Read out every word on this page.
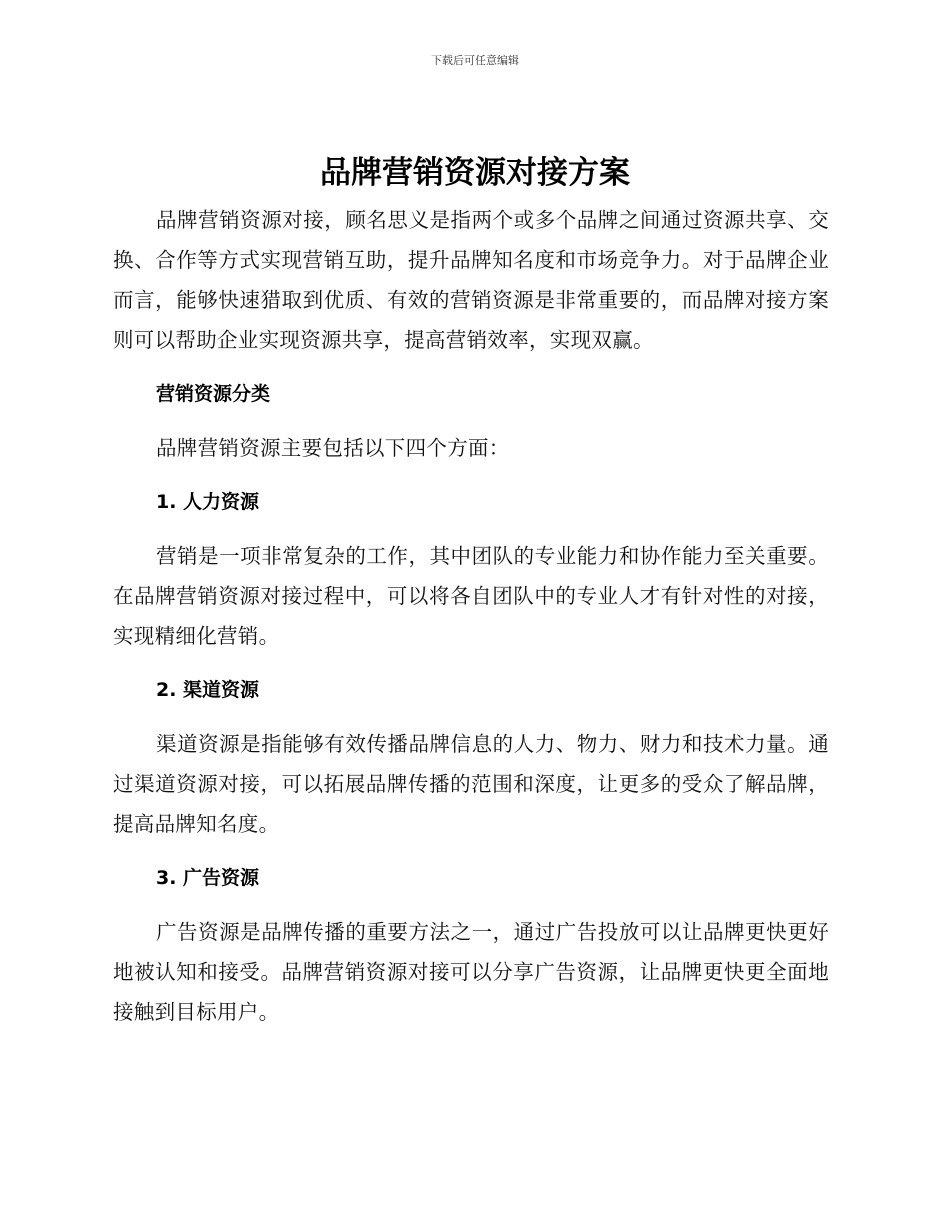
下载后可任意编辑
品牌营销资源对接方案

品牌营销资源对接，顾名思义是指两个或多个品牌之间通过资源共享、交换、合作等方式实现营销互助，提升品牌知名度和市场竞争力。对于品牌企业而言，能够快速猎取到优质、有效的营销资源是非常重要的，而品牌对接方案则可以帮助企业实现资源共享，提高营销效率，实现双赢。

营销资源分类

品牌营销资源主要包括以下四个方面：

1. 人力资源

营销是一项非常复杂的工作，其中团队的专业能力和协作能力至关重要。在品牌营销资源对接过程中，可以将各自团队中的专业人才有针对性的对接，实现精细化营销。

2. 渠道资源

渠道资源是指能够有效传播品牌信息的人力、物力、财力和技术力量。通过渠道资源对接，可以拓展品牌传播的范围和深度，让更多的受众了解品牌，提高品牌知名度。

3. 广告资源

广告资源是品牌传播的重要方法之一，通过广告投放可以让品牌更快更好地被认知和接受。品牌营销资源对接可以分享广告资源，让品牌更快更全面地接触到目标用户。
